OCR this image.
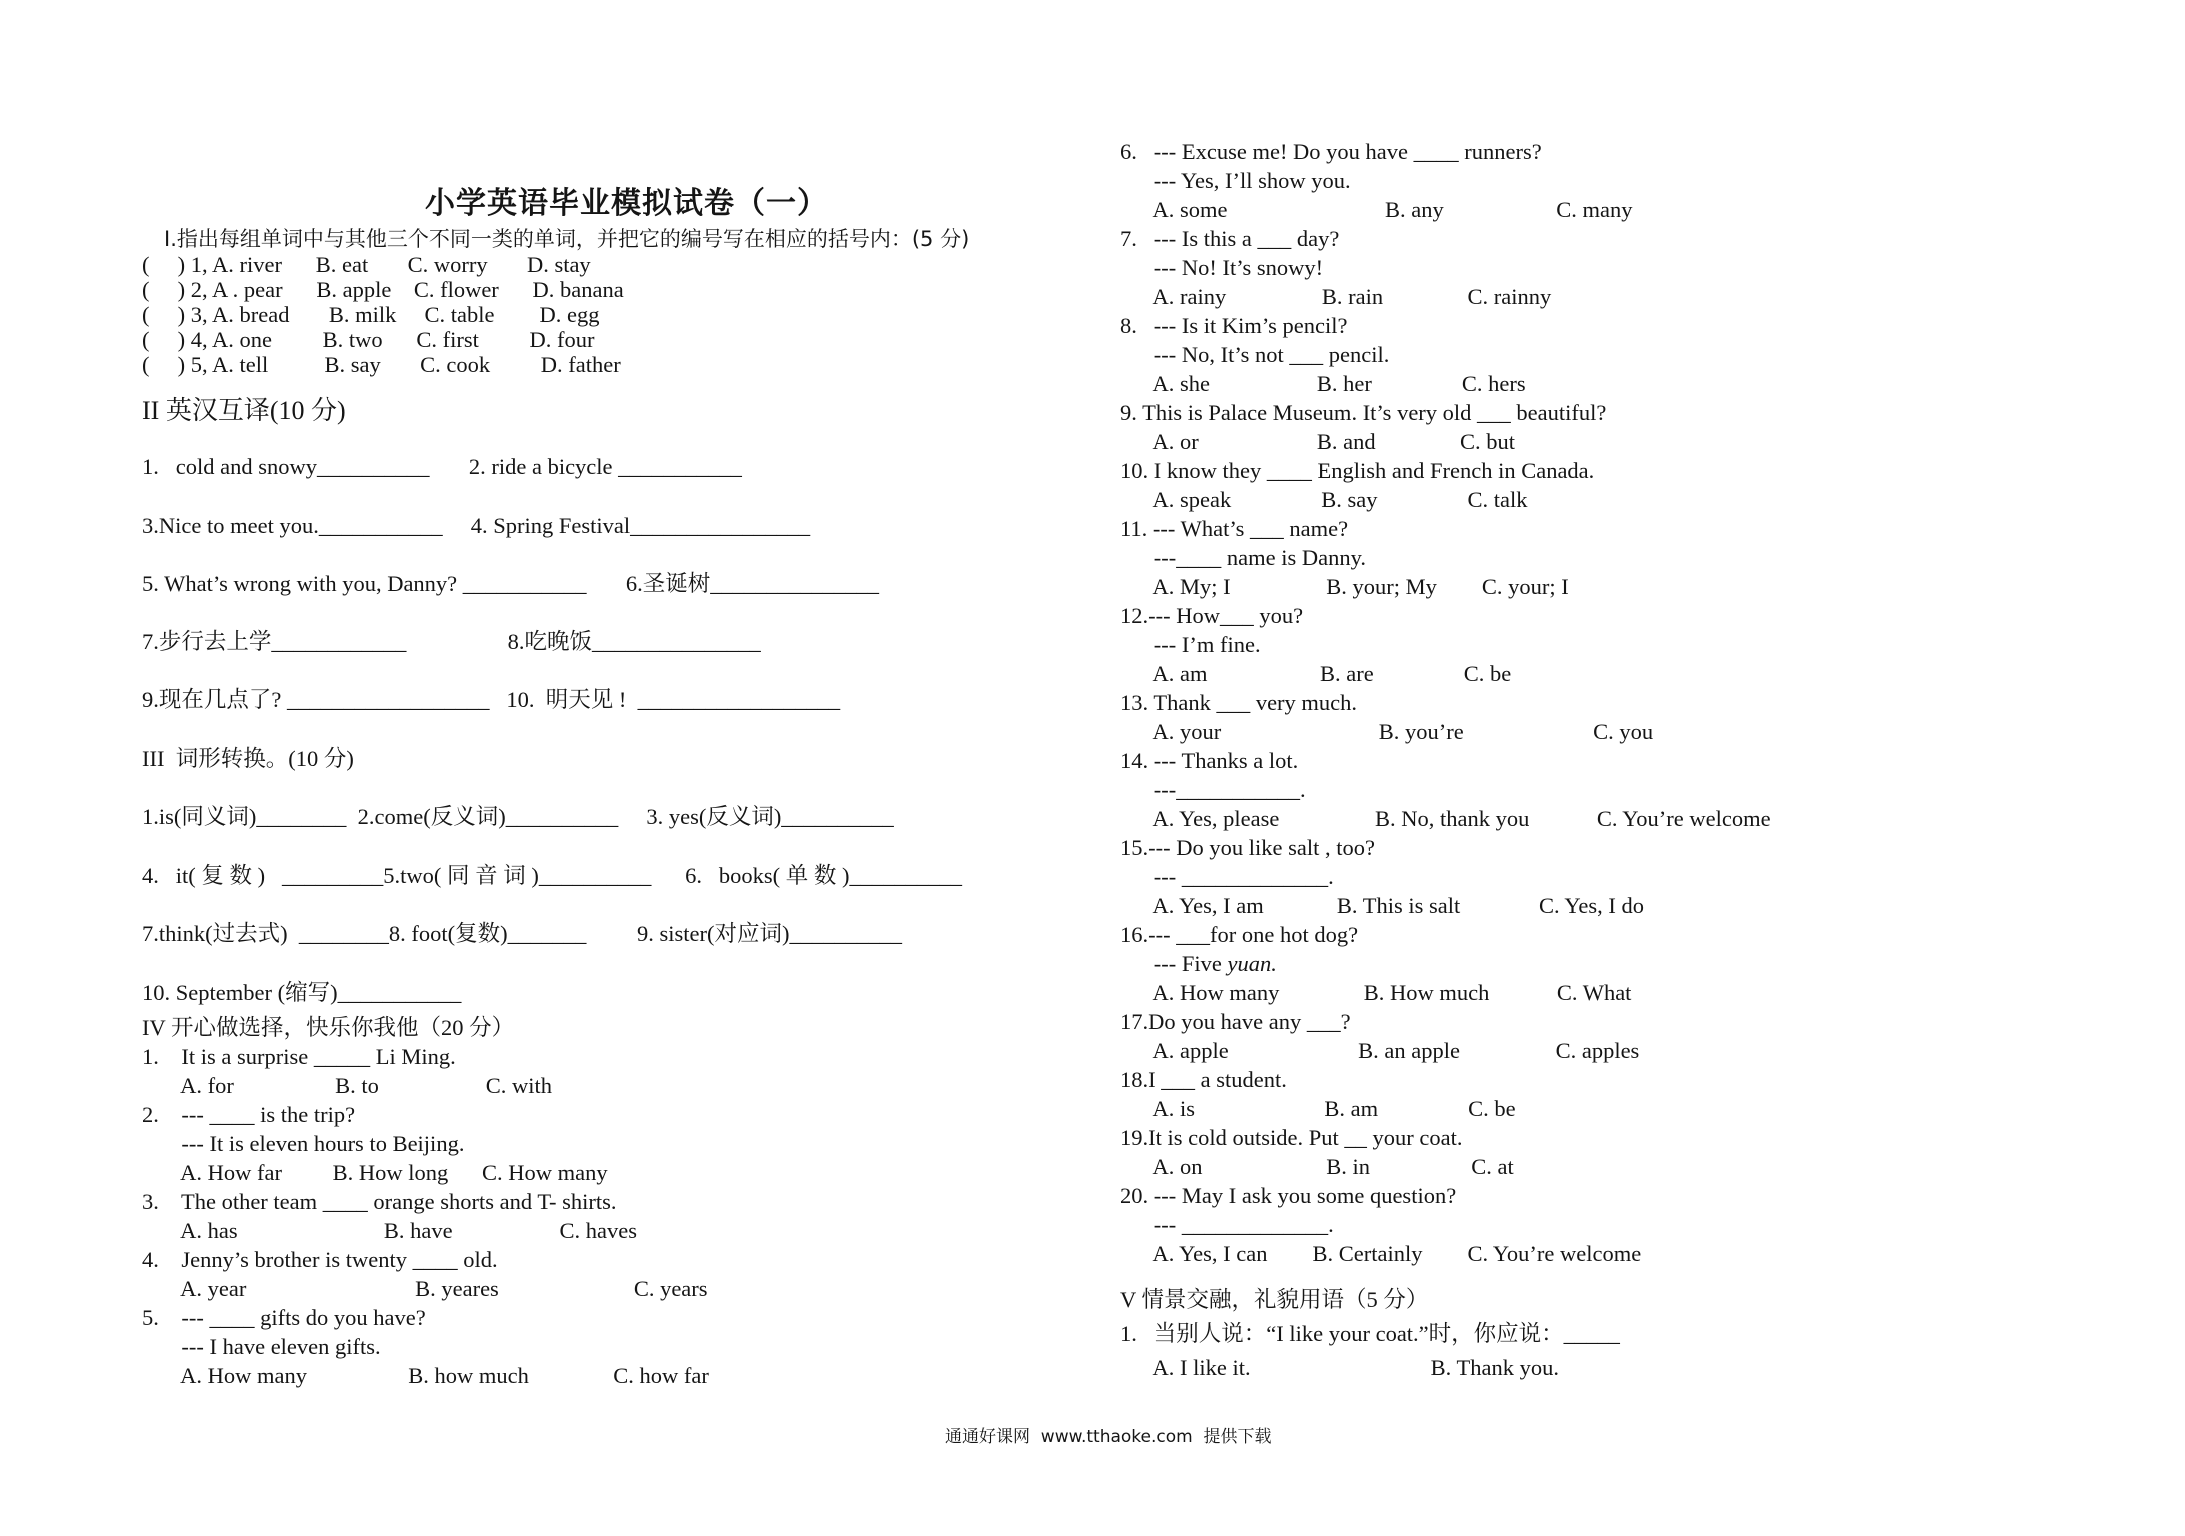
小学英语毕业模拟试卷（一）
I.指出每组单词中与其他三个不同一类的单词，并把它的编号写在相应的括号内：(5 分)
(     ) 1, A. river      B. eat       C. worry       D. stay
(     ) 2, A . pear      B. apple    C. flower      D. banana
(     ) 3, A. bread       B. milk     C. table        D. egg
(     ) 4, A. one         B. two      C. first         D. four
(     ) 5, A. tell          B. say       C. cook         D. father
II 英汉互译(10 分)
1.   cold and snowy__________       2. ride a bicycle ___________
3.Nice to meet you.___________     4. Spring Festival________________
5. What’s wrong with you, Danny? ___________       6.圣诞树_______________
7.步行去上学____________                  8.吃晚饭_______________
9.现在几点了? __________________   10.  明天见 !  __________________
III  词形转换。(10 分)
1.is(同义词)________  2.come(反义词)__________     3. yes(反义词)__________
4.   it( 复 数 )   _________5.two( 同 音 词 )__________      6.   books( 单 数 )__________
7.think(过去式)  ________8. foot(复数)_______         9. sister(对应词)__________
10. September (缩写)___________
IV 开心做选择，快乐你我他（20 分）
1.    It is a surprise _____ Li Ming.
A. for                  B. to                   C. with
2.    --- ____ is the trip?
--- It is eleven hours to Beijing.
A. How far         B. How long      C. How many
3.    The other team ____ orange shorts and T- shirts.
A. has                          B. have                   C. haves
4.    Jenny’s brother is twenty ____ old.
A. year                              B. yeares                        C. years
5.    --- ____ gifts do you have?
--- I have eleven gifts.
A. How many                  B. how much               C. how far
6.   --- Excuse me! Do you have ____ runners?
--- Yes, I’ll show you.
A. some                            B. any                    C. many
7.   --- Is this a ___ day?
--- No! It’s snowy!
A. rainy                 B. rain               C. rainny
8.   --- Is it Kim’s pencil?
--- No, It’s not ___ pencil.
A. she                   B. her                C. hers
9. This is Palace Museum. It’s very old ___ beautiful?
A. or                     B. and               C. but
10. I know they ____ English and French in Canada.
A. speak                B. say                C. talk
11. --- What’s ___ name?
---____ name is Danny.
A. My; I                 B. your; My        C. your; I
12.--- How___ you?
--- I’m fine.
A. am                    B. are                C. be
13. Thank ___ very much.
A. your                            B. you’re                       C. you
14. --- Thanks a lot.
---___________.
A. Yes, please                 B. No, thank you            C. You’re welcome
15.--- Do you like salt , too?
--- _____________.
A. Yes, I am             B. This is salt              C. Yes, I do
16.--- ___for one hot dog?
--- Five yuan.
A. How many               B. How much            C. What
17.Do you have any ___?
A. apple                       B. an apple                 C. apples
18.I ___ a student.
A. is                       B. am                C. be
19.It is cold outside. Put __ your coat.
A. on                      B. in                  C. at
20. --- May I ask you some question?
--- _____________.
A. Yes, I can        B. Certainly        C. You’re welcome
V 情景交融，礼貌用语（5 分）
1.   当别人说：“I like your coat.”时，你应说：_____
A. I like it.                                B. Thank you.
通通好课网  www.tthaoke.com  提供下载
